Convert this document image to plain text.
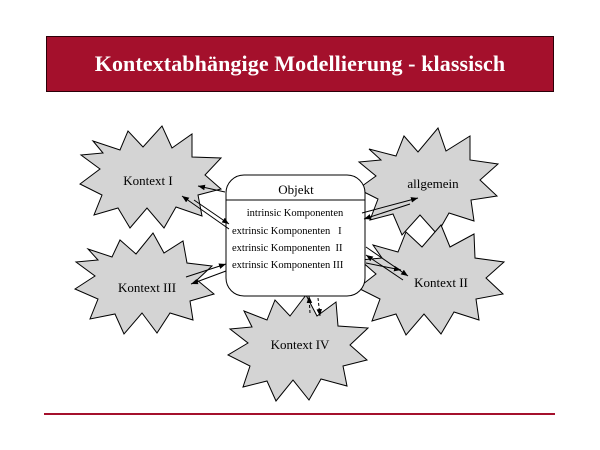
Kontextabhängige Modellierung - klassisch
Kontext I	allgemein
Kontext III	Kontext II
Kontext IV
Objekt
intrinsic Komponenten
extrinsic Komponenten   I
extrinsic Komponenten  II
extrinsic Komponenten III
